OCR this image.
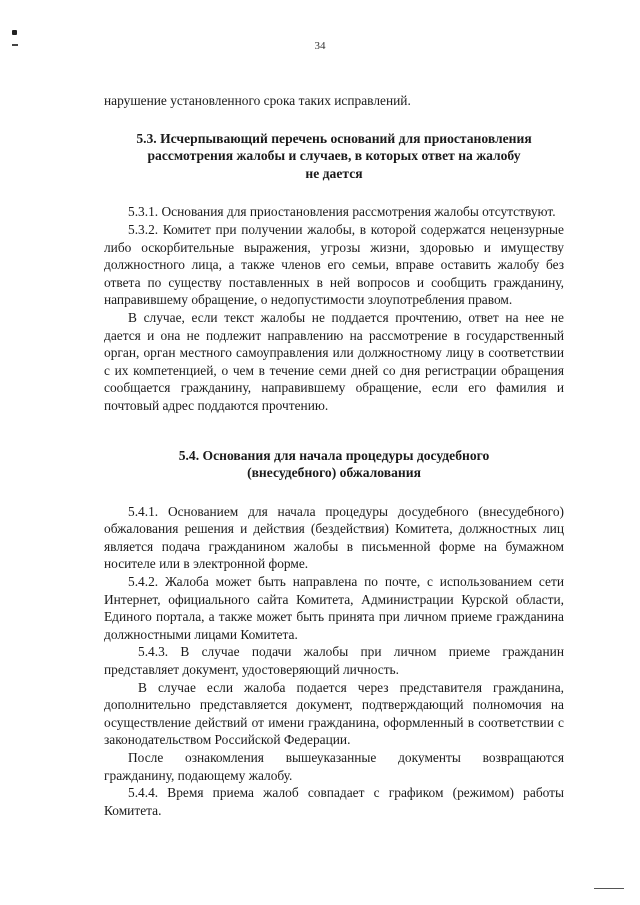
34

нарушение установленного срока таких исправлений.

5.3. Исчерпывающий перечень оснований для приостановления

рассмотрения жалобы и случаев, в которых ответ на жалобу

не дается

5.3.1. Основания для приостановления рассмотрения жалобы отсутствуют.

5.3.2. Комитет при получении жалобы, в которой содержатся нецензурные либо оскорбительные выражения, угрозы жизни, здоровью и имуществу должностного лица, а также членов его семьи, вправе оставить жалобу без ответа по существу поставленных в ней вопросов и сообщить гражданину, направившему обращение, о недопустимости злоупотребления правом.

В случае, если текст жалобы не поддается прочтению, ответ на нее не дается и она не подлежит направлению на рассмотрение в государственный орган, орган местного самоуправления или должностному лицу в соответствии с их компетенцией, о чем в течение семи дней со дня регистрации обращения сообщается гражданину, направившему обращение, если его фамилия и почтовый адрес поддаются прочтению.

5.4. Основания для начала процедуры досудебного

(внесудебного) обжалования

5.4.1. Основанием для начала процедуры досудебного (внесудебного) обжалования решения и действия (бездействия) Комитета, должностных лиц является подача гражданином жалобы в письменной форме на бумажном носителе или в электронной форме.

5.4.2. Жалоба может быть направлена по почте, с использованием сети Интернет, официального сайта Комитета, Администрации Курской области, Единого портала, а также может быть принята при личном приеме гражданина должностными лицами Комитета.

5.4.3. В случае подачи жалобы при личном приеме гражданин представляет документ, удостоверяющий личность.

В случае если жалоба подается через представителя гражданина, дополнительно представляется документ, подтверждающий полномочия на осуществление действий от имени гражданина, оформленный в соответствии с законодательством Российской Федерации.

После ознакомления вышеуказанные документы возвращаются гражданину, подающему жалобу.

5.4.4. Время приема жалоб совпадает с графиком (режимом) работы Комитета.
